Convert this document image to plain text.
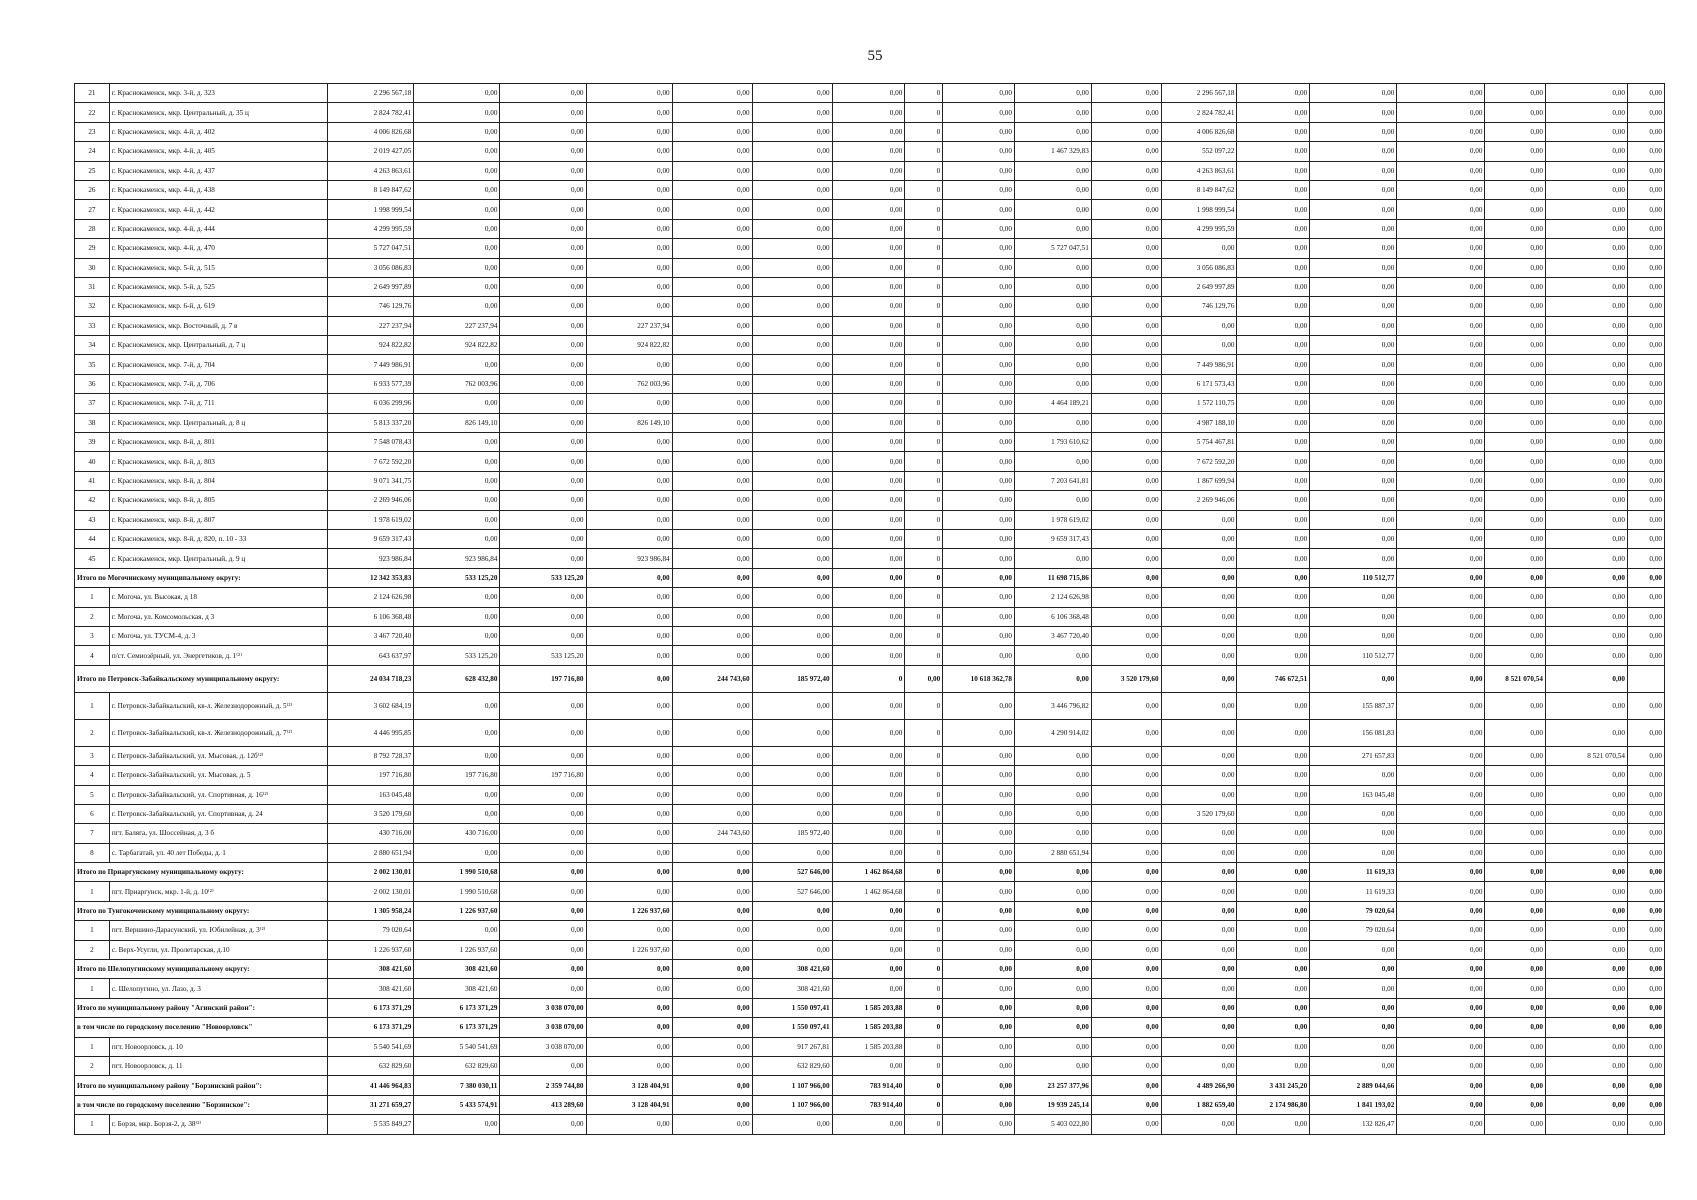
55
21	г. Краснокаменск, мкр. 3-й, д. 323	2 296 567,18	0,00	0,00	0,00	0,00	0,00	0,00	0	0,00	0,00	0,00	2 296 567,18	0,00	0,00	0,00	0,00	0,00	0,00
22	г. Краснокаменск, мкр. Центральный, д. 35 ц	2 824 782,41	0,00	0,00	0,00	0,00	0,00	0,00	0	0,00	0,00	0,00	2 824 782,41	0,00	0,00	0,00	0,00	0,00	0,00
23	г. Краснокаменск, мкр. 4-й, д. 402	4 006 826,68	0,00	0,00	0,00	0,00	0,00	0,00	0	0,00	0,00	0,00	4 006 826,68	0,00	0,00	0,00	0,00	0,00	0,00
24	г. Краснокаменск, мкр. 4-й, д. 405	2 019 427,05	0,00	0,00	0,00	0,00	0,00	0,00	0	0,00	1 467 329,83	0,00	552 097,22	0,00	0,00	0,00	0,00	0,00	0,00
25	г. Краснокаменск, мкр. 4-й, д. 437	4 263 863,61	0,00	0,00	0,00	0,00	0,00	0,00	0	0,00	0,00	0,00	4 263 863,61	0,00	0,00	0,00	0,00	0,00	0,00
26	г. Краснокаменск, мкр. 4-й, д. 438	8 149 847,62	0,00	0,00	0,00	0,00	0,00	0,00	0	0,00	0,00	0,00	8 149 847,62	0,00	0,00	0,00	0,00	0,00	0,00
27	г. Краснокаменск, мкр. 4-й, д. 442	1 998 999,54	0,00	0,00	0,00	0,00	0,00	0,00	0	0,00	0,00	0,00	1 998 999,54	0,00	0,00	0,00	0,00	0,00	0,00
28	г. Краснокаменск, мкр. 4-й, д. 444	4 299 995,59	0,00	0,00	0,00	0,00	0,00	0,00	0	0,00	0,00	0,00	4 299 995,59	0,00	0,00	0,00	0,00	0,00	0,00
29	г. Краснокаменск, мкр. 4-й, д. 470	5 727 047,51	0,00	0,00	0,00	0,00	0,00	0,00	0	0,00	5 727 047,51	0,00	0,00	0,00	0,00	0,00	0,00	0,00	0,00
30	г. Краснокаменск, мкр. 5-й, д. 515	3 056 086,83	0,00	0,00	0,00	0,00	0,00	0,00	0	0,00	0,00	0,00	3 056 086,83	0,00	0,00	0,00	0,00	0,00	0,00
31	г. Краснокаменск, мкр. 5-й, д. 525	2 649 997,89	0,00	0,00	0,00	0,00	0,00	0,00	0	0,00	0,00	0,00	2 649 997,89	0,00	0,00	0,00	0,00	0,00	0,00
32	г. Краснокаменск, мкр. 6-й, д. 619	746 129,76	0,00	0,00	0,00	0,00	0,00	0,00	0	0,00	0,00	0,00	746 129,76	0,00	0,00	0,00	0,00	0,00	0,00
33	г. Краснокаменск, мкр. Восточный, д. 7 в	227 237,94	227 237,94	0,00	227 237,94	0,00	0,00	0,00	0	0,00	0,00	0,00	0,00	0,00	0,00	0,00	0,00	0,00	0,00
34	г. Краснокаменск, мкр. Центральный, д. 7 ц	924 822,82	924 822,82	0,00	924 822,82	0,00	0,00	0,00	0	0,00	0,00	0,00	0,00	0,00	0,00	0,00	0,00	0,00	0,00
35	г. Краснокаменск, мкр. 7-й, д. 704	7 449 986,91	0,00	0,00	0,00	0,00	0,00	0,00	0	0,00	0,00	0,00	7 449 986,91	0,00	0,00	0,00	0,00	0,00	0,00
36	г. Краснокаменск, мкр. 7-й, д. 706	6 933 577,39	762 003,96	0,00	762 003,96	0,00	0,00	0,00	0	0,00	0,00	0,00	6 171 573,43	0,00	0,00	0,00	0,00	0,00	0,00
37	г. Краснокаменск, мкр. 7-й, д. 711	6 036 299,96	0,00	0,00	0,00	0,00	0,00	0,00	0	0,00	4 464 189,21	0,00	1 572 110,75	0,00	0,00	0,00	0,00	0,00	0,00
38	г. Краснокаменск, мкр. Центральный, д. 8 ц	5 813 337,20	826 149,10	0,00	826 149,10	0,00	0,00	0,00	0	0,00	0,00	0,00	4 987 188,10	0,00	0,00	0,00	0,00	0,00	0,00
39	г. Краснокаменск, мкр. 8-й, д. 801	7 548 078,43	0,00	0,00	0,00	0,00	0,00	0,00	0	0,00	1 793 610,62	0,00	5 754 467,81	0,00	0,00	0,00	0,00	0,00	0,00
40	г. Краснокаменск, мкр. 8-й, д. 803	7 672 592,20	0,00	0,00	0,00	0,00	0,00	0,00	0	0,00	0,00	0,00	7 672 592,20	0,00	0,00	0,00	0,00	0,00	0,00
41	г. Краснокаменск, мкр. 8-й, д. 804	9 071 341,75	0,00	0,00	0,00	0,00	0,00	0,00	0	0,00	7 203 641,81	0,00	1 867 699,94	0,00	0,00	0,00	0,00	0,00	0,00
42	г. Краснокаменск, мкр. 8-й, д. 805	2 269 946,06	0,00	0,00	0,00	0,00	0,00	0,00	0	0,00	0,00	0,00	2 269 946,06	0,00	0,00	0,00	0,00	0,00	0,00
43	г. Краснокаменск, мкр. 8-й, д. 807	1 978 619,02	0,00	0,00	0,00	0,00	0,00	0,00	0	0,00	1 978 619,02	0,00	0,00	0,00	0,00	0,00	0,00	0,00	0,00
44	г. Краснокаменск, мкр. 8-й, д. 820, п. 10 - 33	9 659 317,43	0,00	0,00	0,00	0,00	0,00	0,00	0	0,00	9 659 317,43	0,00	0,00	0,00	0,00	0,00	0,00	0,00	0,00
45	г. Краснокаменск, мкр. Центральный, д. 9 ц	923 986,84	923 986,84	0,00	923 986,84	0,00	0,00	0,00	0	0,00	0,00	0,00	0,00	0,00	0,00	0,00	0,00	0,00	0,00
Итого по Могочинскому муниципальному округу:		12 342 353,83	533 125,20	533 125,20	0,00	0,00	0,00	0,00	0	0,00	11 698 715,86	0,00	0,00	0,00	110 512,77	0,00	0,00	0,00	0,00
1	г. Могоча, ул. Высокая, д 18	2 124 626,98	0,00	0,00	0,00	0,00	0,00	0,00	0	0,00	2 124 626,98	0,00	0,00	0,00	0,00	0,00	0,00	0,00	0,00
2	г. Могоча, ул. Комсомольская, д 3	6 106 368,48	0,00	0,00	0,00	0,00	0,00	0,00	0	0,00	6 106 368,48	0,00	0,00	0,00	0,00	0,00	0,00	0,00	0,00
3	г. Могоча, ул. ТУСМ-4, д. 3	3 467 720,40	0,00	0,00	0,00	0,00	0,00	0,00	0	0,00	3 467 720,40	0,00	0,00	0,00	0,00	0,00	0,00	0,00	0,00
4	п/ст. Семиозёрный, ул. Энергетиков, д. 1⁽²⁾	643 637,97	533 125,20	533 125,20	0,00	0,00	0,00	0,00	0	0,00	0,00	0,00	0,00	0,00	110 512,77	0,00	0,00	0,00	0,00
Итого по Петровск-Забайкальскому муниципальному округу:		24 034 718,23	628 432,80	197 716,80	0,00	244 743,60	185 972,40	0	0,00	10 618 362,78	0,00	3 520 179,60	0,00	746 672,51	0,00	0,00	8 521 070,54	0,00	
1	г. Петровск-Забайкальский, кв-л. Железнодорожный, д. 5⁽²⁾	3 602 684,19	0,00	0,00	0,00	0,00	0,00	0,00	0	0,00	3 446 796,82	0,00	0,00	0,00	155 887,37	0,00	0,00	0,00	0,00
2	г. Петровск-Забайкальский, кв-л. Железнодорожный, д. 7⁽²⁾	4 446 995,85	0,00	0,00	0,00	0,00	0,00	0,00	0	0,00	4 290 914,02	0,00	0,00	0,00	156 081,83	0,00	0,00	0,00	0,00
3	г. Петровск-Забайкальский, ул. Мысовая, д. 12б⁽²⁾	8 792 728,37	0,00	0,00	0,00	0,00	0,00	0,00	0	0,00	0,00	0,00	0,00	0,00	271 657,83	0,00	0,00	8 521 070,54	0,00
4	г. Петровск-Забайкальский, ул. Мысовая, д. 5	197 716,80	197 716,80	197 716,80	0,00	0,00	0,00	0,00	0	0,00	0,00	0,00	0,00	0,00	0,00	0,00	0,00	0,00	0,00
5	г. Петровск-Забайкальский, ул. Спортивная, д. 16⁽²⁾	163 045,48	0,00	0,00	0,00	0,00	0,00	0,00	0	0,00	0,00	0,00	0,00	0,00	163 045,48	0,00	0,00	0,00	0,00
6	г. Петровск-Забайкальский, ул. Спортивная, д. 24	3 520 179,60	0,00	0,00	0,00	0,00	0,00	0,00	0	0,00	0,00	0,00	3 520 179,60	0,00	0,00	0,00	0,00	0,00	0,00
7	пгт. Балягa, ул. Шоссейная, д. 3 б	430 716,00	430 716,00	0,00	0,00	244 743,60	185 972,40	0,00	0	0,00	0,00	0,00	0,00	0,00	0,00	0,00	0,00	0,00	0,00
8	с. Тарбагатай, ул. 40 лет Победы, д. 1	2 880 651,94	0,00	0,00	0,00	0,00	0,00	0,00	0	0,00	2 880 651,94	0,00	0,00	0,00	0,00	0,00	0,00	0,00	0,00
Итого по Приаргунскому муниципальному округу:		2 002 130,01	1 990 510,68	0,00	0,00	0,00	527 646,00	1 462 864,68	0	0,00	0,00	0,00	0,00	0,00	11 619,33	0,00	0,00	0,00	0,00
1	пгт. Приаргунск, мкр. 1-й, д. 10⁽²⁾	2 002 130,01	1 990 510,68	0,00	0,00	0,00	527 646,00	1 462 864,68	0	0,00	0,00	0,00	0,00	0,00	11 619,33	0,00	0,00	0,00	0,00
Итого по Тунгокоченскому муниципальному округу:		1 305 958,24	1 226 937,60	0,00	1 226 937,60	0,00	0,00	0,00	0	0,00	0,00	0,00	0,00	0,00	79 020,64	0,00	0,00	0,00	0,00
1	пгт. Вершино-Дарасунский, ул. Юбилейная, д. 3⁽²⁾	79 020,64	0,00	0,00	0,00	0,00	0,00	0,00	0	0,00	0,00	0,00	0,00	0,00	79 020,64	0,00	0,00	0,00	0,00
2	с. Верх-Усугли, ул. Пролетарская, д.10	1 226 937,60	1 226 937,60	0,00	1 226 937,60	0,00	0,00	0,00	0	0,00	0,00	0,00	0,00	0,00	0,00	0,00	0,00	0,00	0,00
Итого по Шелопугинскому муниципальному округу:		308 421,60	308 421,60	0,00	0,00	0,00	308 421,60	0,00	0	0,00	0,00	0,00	0,00	0,00	0,00	0,00	0,00	0,00	0,00
1	с. Шелопугино, ул. Лазо, д. 3	308 421,60	308 421,60	0,00	0,00	0,00	308 421,60	0,00	0	0,00	0,00	0,00	0,00	0,00	0,00	0,00	0,00	0,00	0,00
Итого по муниципальному району "Агинский район":		6 173 371,29	6 173 371,29	3 038 070,00	0,00	0,00	1 550 097,41	1 585 203,88	0	0,00	0,00	0,00	0,00	0,00	0,00	0,00	0,00	0,00	0,00
в том числе по городскому поселению "Новоорловск"		6 173 371,29	6 173 371,29	3 038 070,00	0,00	0,00	1 550 097,41	1 585 203,88	0	0,00	0,00	0,00	0,00	0,00	0,00	0,00	0,00	0,00	0,00
1	пгт. Новоорловск, д. 10	5 540 541,69	5 540 541,69	3 038 070,00	0,00	0,00	917 267,81	1 585 203,88	0	0,00	0,00	0,00	0,00	0,00	0,00	0,00	0,00	0,00	0,00
2	пгт. Новоорловск, д. 11	632 829,60	632 829,60	0,00	0,00	0,00	632 829,60	0,00	0	0,00	0,00	0,00	0,00	0,00	0,00	0,00	0,00	0,00	0,00
Итого по муниципальному району "Борзинский район":		41 446 964,83	7 380 030,11	2 359 744,80	3 128 404,91	0,00	1 107 966,00	783 914,40	0	0,00	23 257 377,96	0,00	4 489 266,90	3 431 245,20	2 889 044,66	0,00	0,00	0,00	0,00
в том числе по городскому поселению "Борзинское":		31 271 659,27	5 433 574,91	413 289,60	3 128 404,91	0,00	1 107 966,00	783 914,40	0	0,00	19 939 245,14	0,00	1 882 659,40	2 174 986,80	1 841 193,02	0,00	0,00	0,00	0,00
1	г. Борзя, мкр. Борзя-2, д. 38⁽²⁾	5 535 849,27	0,00	0,00	0,00	0,00	0,00	0,00	0	0,00	5 403 022,80	0,00	0,00	0,00	132 826,47	0,00	0,00	0,00	0,00
